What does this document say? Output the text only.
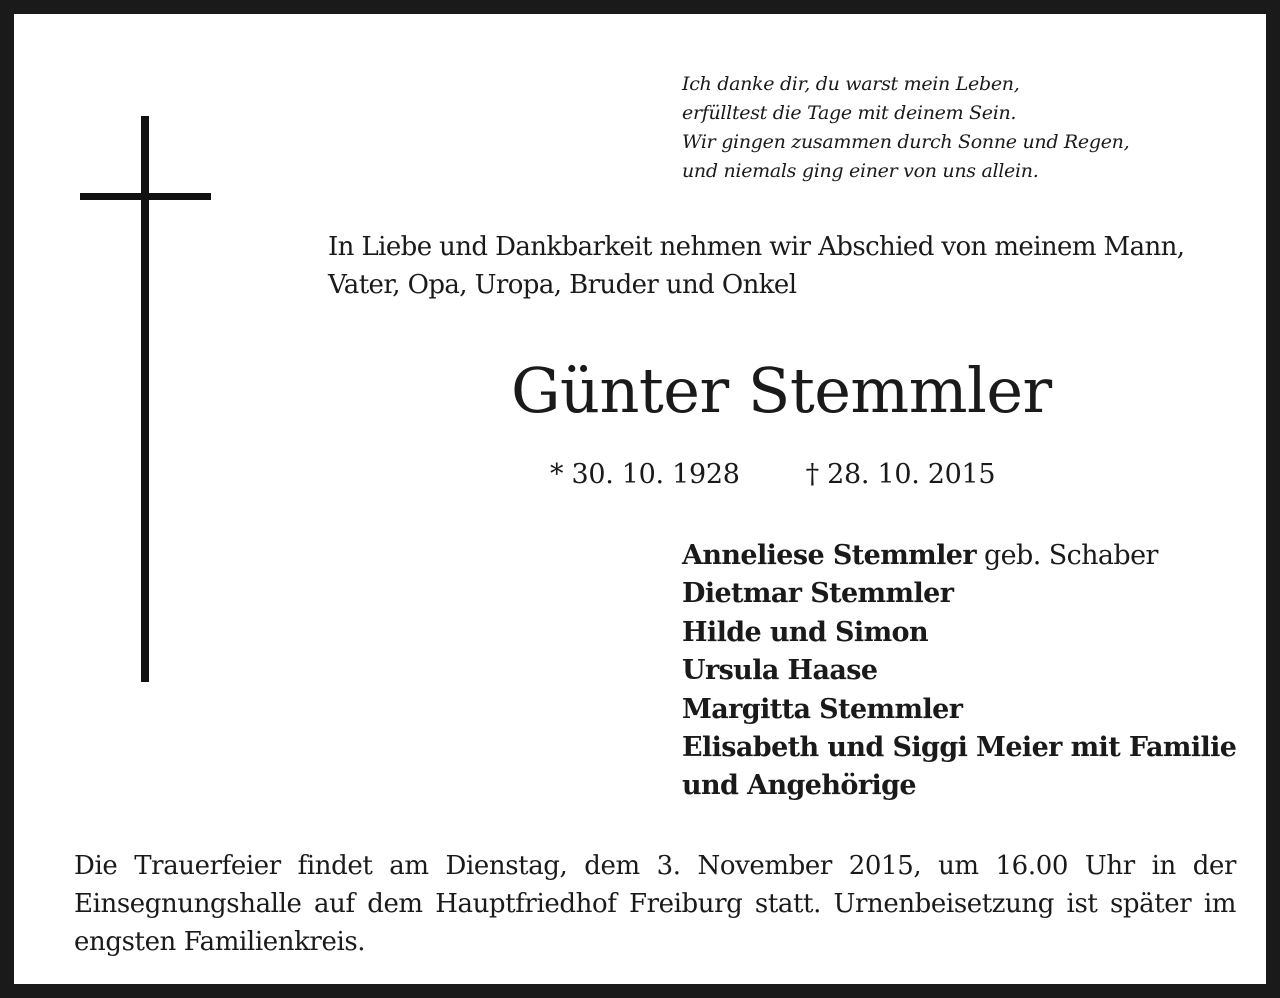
Ich danke dir, du warst mein Leben,
erfülltest die Tage mit deinem Sein.
Wir gingen zusammen durch Sonne und Regen,
und niemals ging einer von uns allein.
In Liebe und Dankbarkeit nehmen wir Abschied von meinem Mann,
Vater, Opa, Uropa, Bruder und Onkel
Günter Stemmler
* 30. 10. 1928 † 28. 10. 2015
Anneliese Stemmler geb. Schaber
Dietmar Stemmler
Hilde und Simon
Ursula Haase
Margitta Stemmler
Elisabeth und Siggi Meier mit Familie
und Angehörige
Die Trauerfeier findet am Dienstag, dem 3. November 2015, um 16.00 Uhr in der Einsegnungshalle auf dem Hauptfriedhof Freiburg statt. Urnenbeisetzung ist später im engsten Familienkreis.
